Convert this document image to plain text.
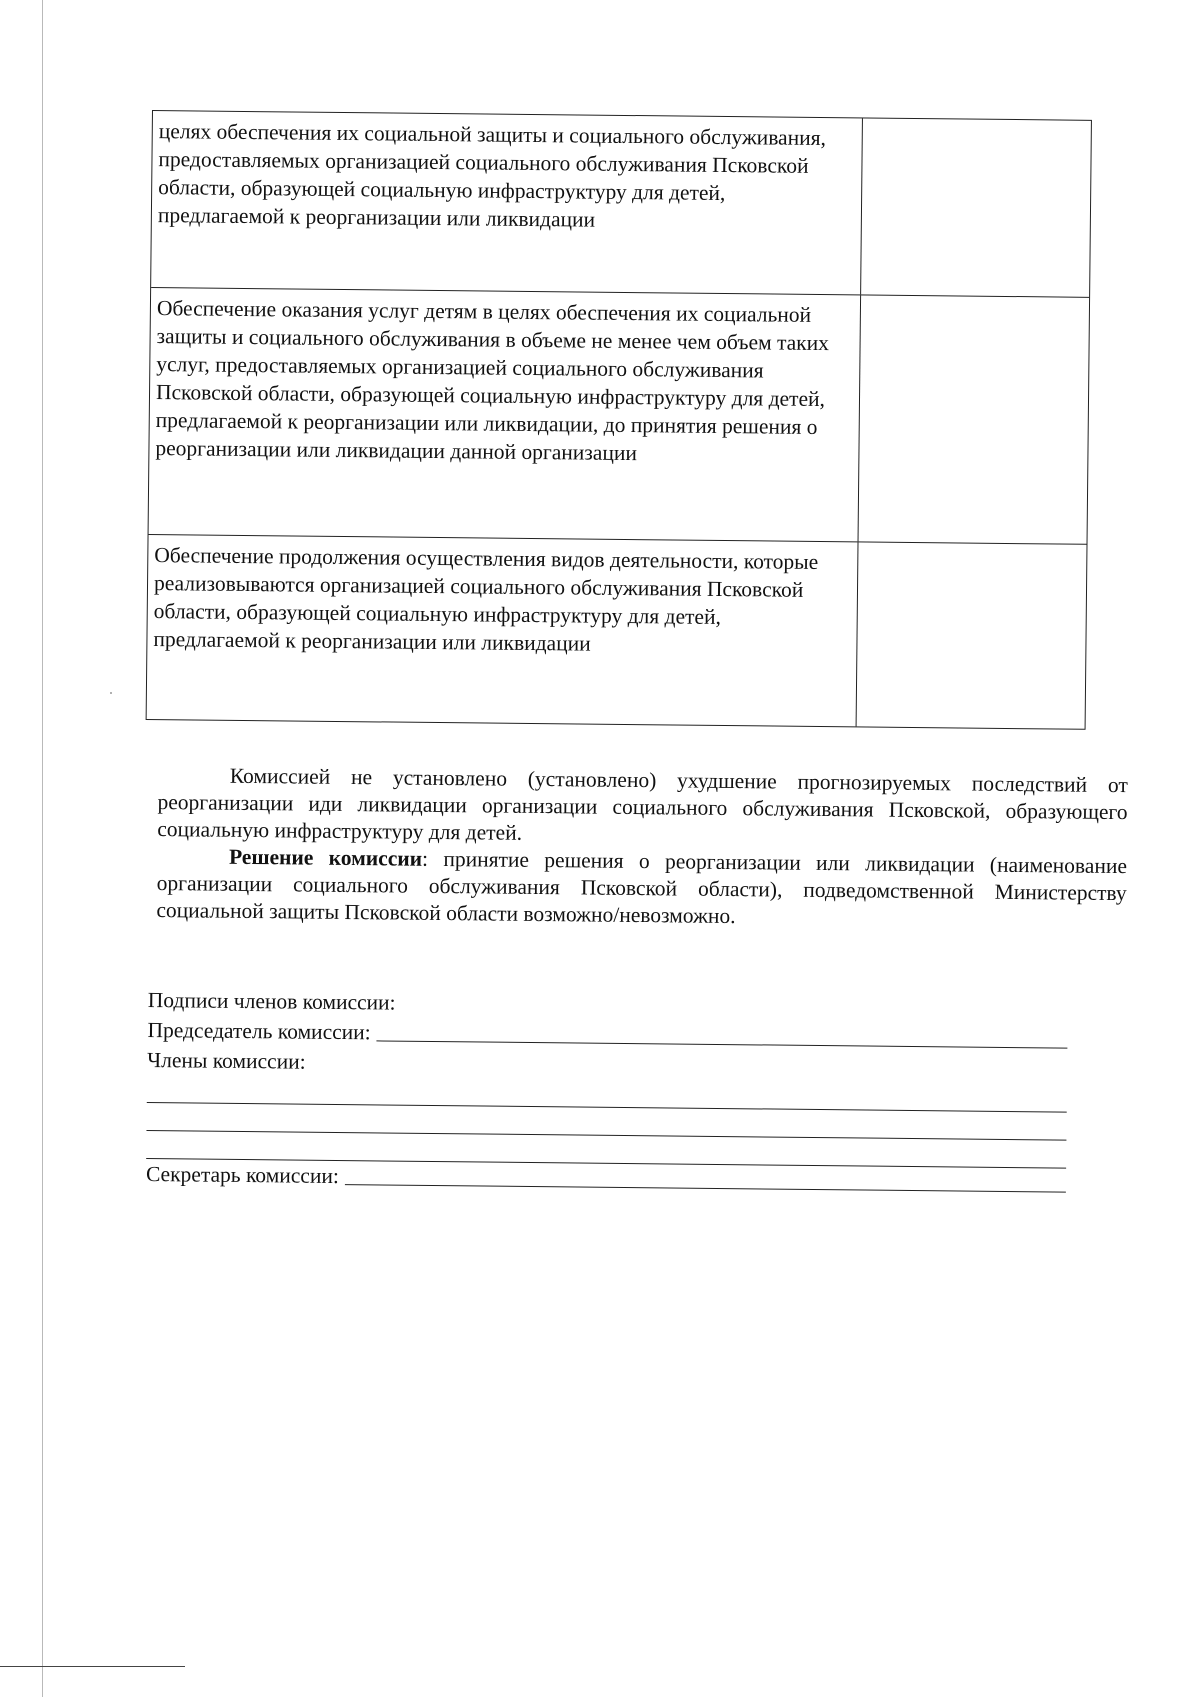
целях обеспечения их социальной защиты и социального обслуживания, предоставляемых организацией социального обслуживания Псковской области, образующей социальную инфраструктуру для детей, предлагаемой к реорганизации или ликвидации
Обеспечение оказания услуг детям в целях обеспечения их социальной защиты и социального обслуживания в объеме не менее чем объем таких услуг, предоставляемых организацией социального обслуживания Псковской области, образующей социальную инфраструктуру для детей, предлагаемой к реорганизации или ликвидации, до принятия решения о реорганизации или ликвидации данной организации
Обеспечение продолжения осуществления видов деятельности, которые реализовываются организацией социального обслуживания Псковской области, образующей социальную инфраструктуру для детей, предлагаемой к реорганизации или ликвидации

Комиссией не установлено (установлено) ухудшение прогнозируемых последствий от реорганизации иди ликвидации организации социального обслуживания Псковской, образующего социальную инфраструктуру для детей.

Решение комиссии: принятие решения о реорганизации или ликвидации (наименование организации социального обслуживания Псковской области), подведомственной Министерству социальной защиты Псковской области возможно/невозможно.

Подписи членов комиссии:
Председатель комиссии:
Члены комиссии:
Секретарь комиссии:
